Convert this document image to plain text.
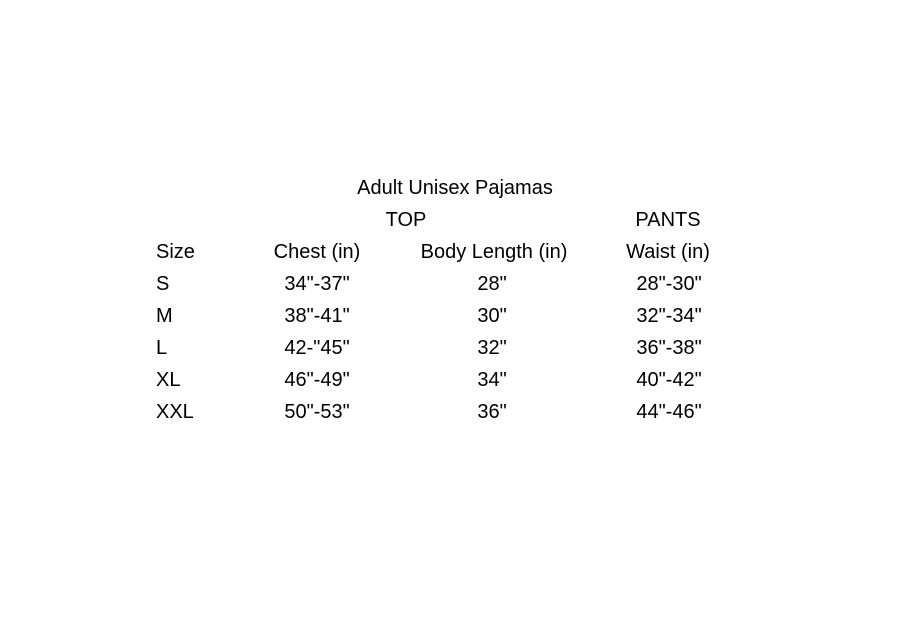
Adult Unisex Pajamas
TOP	PANTS
Size	Chest (in)	Body Length (in)	Waist (in)
S	34"-37"	28"	28"-30"
M	38"-41"	30"	32"-34"
L	42-"45"	32"	36"-38"
XL	46"-49"	34"	40"-42"
XXL	50"-53"	36"	44"-46"
